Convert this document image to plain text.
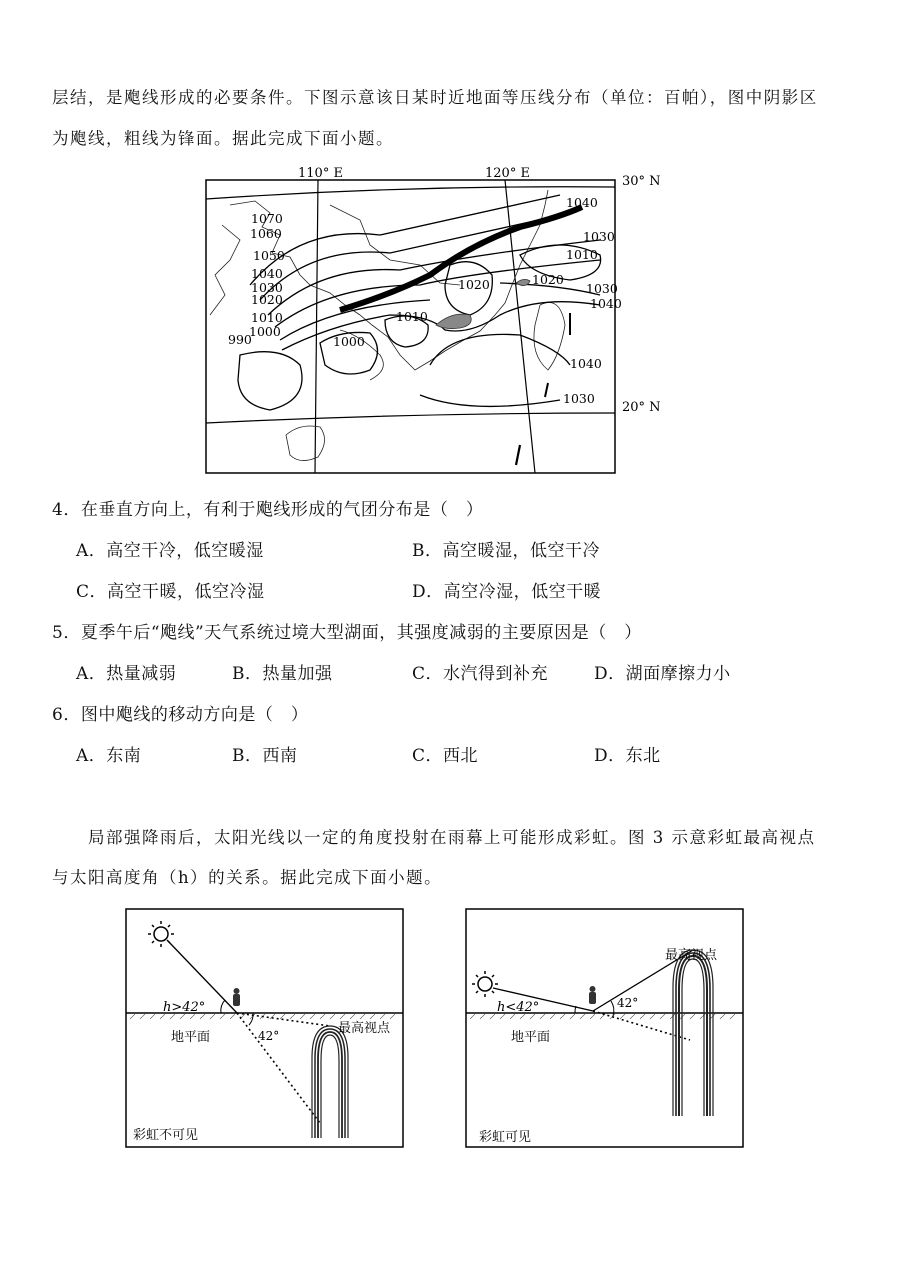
层结，是飑线形成的必要条件。下图示意该日某时近地面等压线分布（单位：百帕），图中阴影区
为飑线，粗线为锋面。据此完成下面小题。
110° E	120° E
30° N
20° N
1070
1060
1050
1040
1030
1020
1010
1000
990	1000
1010
1020
1040
1030
1010
1030
1020
1040
1040
1030
4．在垂直方向上，有利于飑线形成的气团分布是（　）
A．高空干冷，低空暖湿	B．高空暖湿，低空干冷
C．高空干暖，低空冷湿	D．高空冷湿，低空干暖
5．夏季午后“飑线”天气系统过境大型湖面，其强度减弱的主要原因是（　）
A．热量减弱	B．热量加强	C．水汽得到补充	D．湖面摩擦力小
6．图中飑线的移动方向是（　）
A．东南	B．西南	C．西北	D．东北
局部强降雨后，太阳光线以一定的角度投射在雨幕上可能形成彩虹。图 3 示意彩虹最高视点
与太阳高度角（h）的关系。据此完成下面小题。
h>42°
42°
地平面
最高视点
彩虹不可见
h<42°	42°
地平面
最高视点
彩虹可见
